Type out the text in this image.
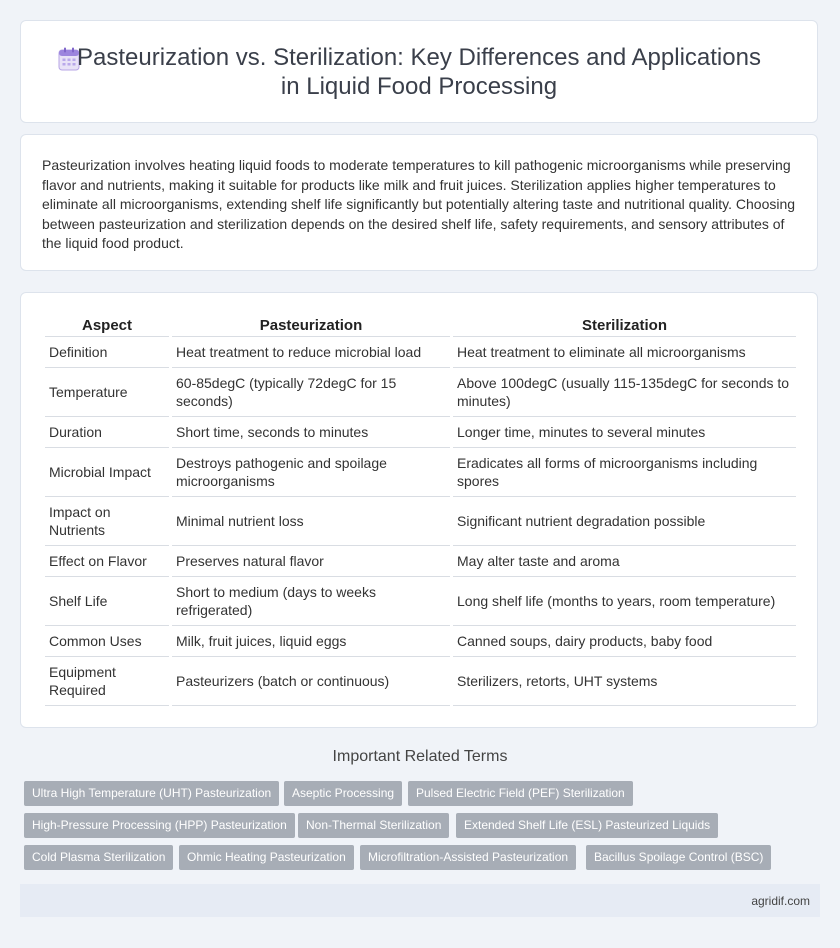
Pasteurization vs. Sterilization: Key Differences and Applications
in Liquid Food Processing
Pasteurization involves heating liquid foods to moderate temperatures to kill pathogenic microorganisms while preserving flavor and nutrients, making it suitable for products like milk and fruit juices. Sterilization applies higher temperatures to eliminate all microorganisms, extending shelf life significantly but potentially altering taste and nutritional quality. Choosing between pasteurization and sterilization depends on the desired shelf life, safety requirements, and sensory attributes of the liquid food product.
Aspect	Pasteurization	Sterilization
Definition	Heat treatment to reduce microbial load	Heat treatment to eliminate all microorganisms
Temperature	60-85degC (typically 72degC for 15 seconds)	Above 100degC (usually 115-135degC for seconds to minutes)
Duration	Short time, seconds to minutes	Longer time, minutes to several minutes
Microbial Impact	Destroys pathogenic and spoilage microorganisms	Eradicates all forms of microorganisms including spores
Impact on Nutrients	Minimal nutrient loss	Significant nutrient degradation possible
Effect on Flavor	Preserves natural flavor	May alter taste and aroma
Shelf Life	Short to medium (days to weeks refrigerated)	Long shelf life (months to years, room temperature)
Common Uses	Milk, fruit juices, liquid eggs	Canned soups, dairy products, baby food
Equipment Required	Pasteurizers (batch or continuous)	Sterilizers, retorts, UHT systems
Important Related Terms
Ultra High Temperature (UHT) Pasteurization	Aseptic Processing	Pulsed Electric Field (PEF) Sterilization
High-Pressure Processing (HPP) Pasteurization	Non-Thermal Sterilization	Extended Shelf Life (ESL) Pasteurized Liquids
Cold Plasma Sterilization	Ohmic Heating Pasteurization	Microfiltration-Assisted Pasteurization	Bacillus Spoilage Control (BSC)
agridif.com
